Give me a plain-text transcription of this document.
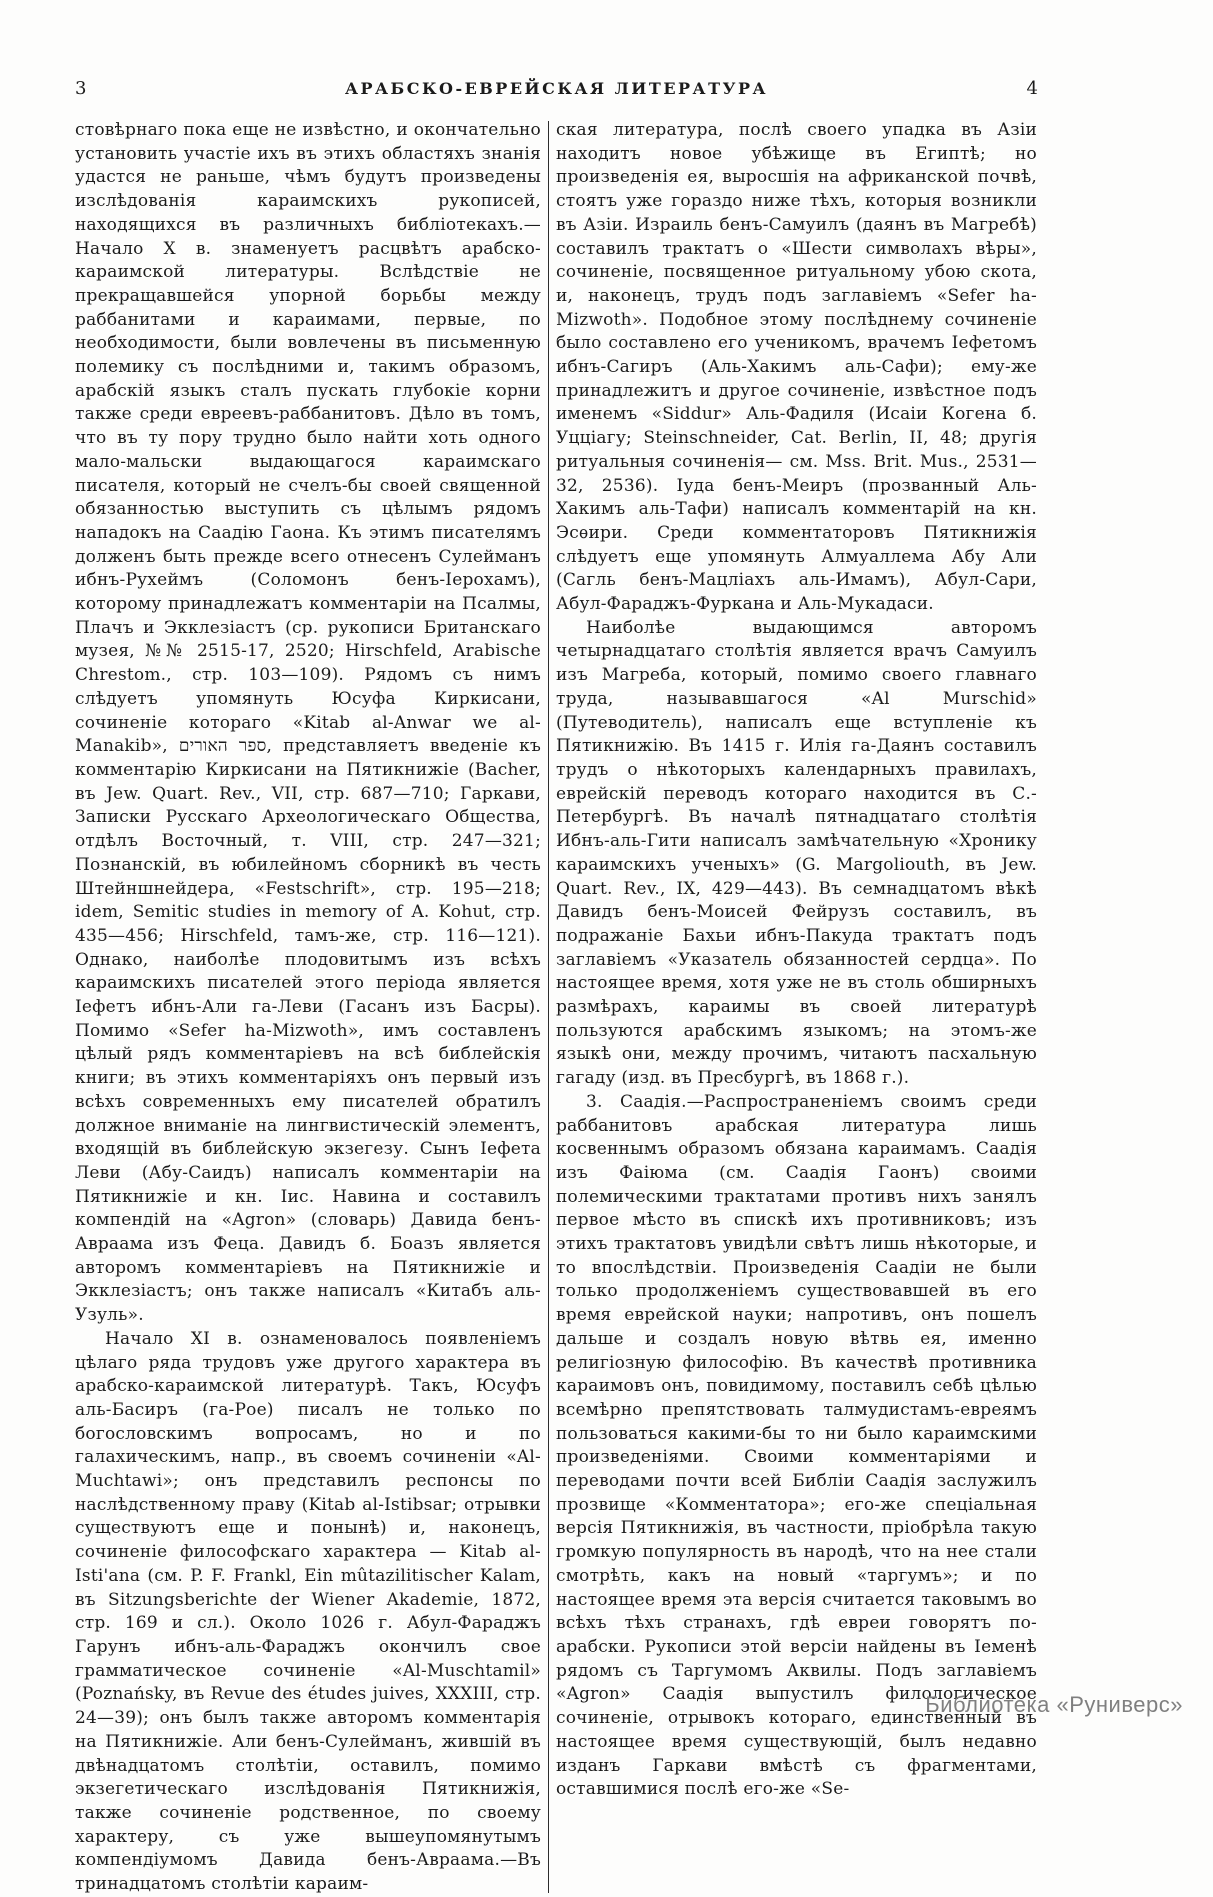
3	АРАБСКО-ЕВРЕЙСКАЯ ЛИТЕРАТУРА	4

стовѣрнаго пока еще не извѣстно, и окончательно установить участіе ихъ въ этихъ областяхъ знанія удастся не раньше, чѣмъ будутъ произведены изслѣдованія караимскихъ рукописей, находящихся въ различныхъ библіотекахъ.—Начало X в. знаменуетъ расцвѣтъ арабско-караимской литературы. Вслѣдствіе не прекращавшейся упорной борьбы между раббанитами и караимами, первые, по необходимости, были вовлечены въ письменную полемику съ послѣдними и, такимъ образомъ, арабскій языкъ сталъ пускать глубокіе корни также среди евреевъ-раббанитовъ. Дѣло въ томъ, что въ ту пору трудно было найти хоть одного мало-мальски выдающагося караимскаго писателя, который не счелъ-бы своей священной обязанностью выступить съ цѣлымъ рядомъ нападокъ на Саадію Гаона. Къ этимъ писателямъ долженъ быть прежде всего отнесенъ Сулейманъ ибнъ-Рухеймъ (Соломонъ бенъ-Іерохамъ), которому принадлежатъ комментаріи на Псалмы, Плачъ и Экклезіастъ (ср. рукописи Британскаго музея, №№ 2515-17, 2520; Hirschfeld, Arabische Chrestom., стр. 103—109). Рядомъ съ нимъ слѣдуетъ упомянуть Юсуфа Киркисани, сочиненіе котораго «Kitab al-Anwar we al-Manakib», ספר האורים, представляетъ введеніе къ комментарію Киркисани на Пятикнижіе (Bacher, въ Jew. Quart. Rev., VII, стр. 687—710; Гаркави, Записки Русскаго Археологическаго Общества, отдѣлъ Восточный, т. VIII, стр. 247—321; Познанскій, въ юбилейномъ сборникѣ въ честь Штейншнейдера, «Festschrift», стр. 195—218; idem, Semitic studies in memory of A. Kohut, стр. 435—456; Hirschfeld, тамъ-же, стр. 116—121). Однако, наиболѣе плодовитымъ изъ всѣхъ караимскихъ писателей этого періода является Іефетъ ибнъ-Али га-Леви (Гасанъ изъ Басры). Помимо «Sefer ha-Mizwoth», имъ составленъ цѣлый рядъ комментаріевъ на всѣ библейскія книги; въ этихъ комментаріяхъ онъ первый изъ всѣхъ современныхъ ему писателей обратилъ должное вниманіе на лингвистическій элементъ, входящій въ библейскую экзегезу. Сынъ Іефета Леви (Абу-Саидъ) написалъ комментаріи на Пятикнижіе и кн. Іис. Навина и составилъ компендій на «Agron» (словарь) Давида бенъ-Авраама изъ Феца. Давидъ б. Боазъ является авторомъ комментаріевъ на Пятикнижіе и Экклезіастъ; онъ также написалъ «Китабъ аль-Узуль».

Начало XI в. ознаменовалось появленіемъ цѣлаго ряда трудовъ уже другого характера въ арабско-караимской литературѣ. Такъ, Юсуфъ аль-Басиръ (га-Рое) писалъ не только по богословскимъ вопросамъ, но и по галахическимъ, напр., въ своемъ сочиненіи «Al-Muchtawi»; онъ представилъ респонсы по наслѣдственному праву (Kitab al-Istibsar; отрывки существуютъ еще и понынѣ) и, наконецъ, сочиненіе философскаго характера — Kitab al-Isti'ana (см. P. F. Frankl, Ein mûtazilitischer Kalam, въ Sitzungsberichte der Wiener Akademie, 1872, стр. 169 и сл.). Около 1026 г. Абул-Фараджъ Гарунъ ибнъ-аль-Фараджъ окончилъ свое грамматическое сочиненіе «Al-Muschtamil» (Poznańsky, въ Revue des études juives, XXXIII, стр. 24—39); онъ былъ также авторомъ комментарія на Пятикнижіе. Али бенъ-Сулейманъ, жившій въ двѣнадцатомъ столѣтіи, оставилъ, помимо экзегетическаго изслѣдованія Пятикнижія, также сочиненіе родственное, по своему характеру, съ уже вышеупомянутымъ компендіумомъ Давида бенъ-Авраама.—Въ тринадцатомъ столѣтіи караим-

ская литература, послѣ своего упадка въ Азіи находитъ новое убѣжище въ Египтѣ; но произведенія ея, выросшія на африканской почвѣ, стоятъ уже гораздо ниже тѣхъ, которыя возникли въ Азіи. Израиль бенъ-Самуилъ (даянъ въ Магребѣ) составилъ трактатъ о «Шести символахъ вѣры», сочиненіе, посвященное ритуальному убою скота, и, наконецъ, трудъ подъ заглавіемъ «Sefer ha-Mizwoth». Подобное этому послѣднему сочиненіе было составлено его ученикомъ, врачемъ Іефетомъ ибнъ-Сагиръ (Аль-Хакимъ аль-Сафи); ему-же принадлежитъ и другое сочиненіе, извѣстное подъ именемъ «Siddur» Аль-Фадиля (Исаіи Когена б. Уцціагу; Steinschneider, Cat. Berlin, II, 48; другія ритуальныя сочиненія— см. Mss. Brit. Mus., 2531—32, 2536). Іуда бенъ-Меиръ (прозванный Аль-Хакимъ аль-Тафи) написалъ комментарій на кн. Эсѳири. Среди комментаторовъ Пятикнижія слѣдуетъ еще упомянуть Алмуаллема Абу Али (Сагль бенъ-Мацліахъ аль-Имамъ), Абул-Сари, Абул-Фараджъ-Фуркана и Аль-Мукадаси.

Наиболѣе выдающимся авторомъ четырнадцатаго столѣтія является врачъ Самуилъ изъ Магреба, который, помимо своего главнаго труда, называвшагося «Al Murschid» (Путеводитель), написалъ еще вступленіе къ Пятикнижію. Въ 1415 г. Илія га-Даянъ составилъ трудъ о нѣкоторыхъ календарныхъ правилахъ, еврейскій переводъ котораго находится въ С.-Петербургѣ. Въ началѣ пятнадцатаго столѣтія Ибнъ-аль-Гити написалъ замѣчательную «Хронику караимскихъ ученыхъ» (G. Margoliouth, въ Jew. Quart. Rev., IX, 429—443). Въ семнадцатомъ вѣкѣ Давидъ бенъ-Моисей Фейрузъ составилъ, въ подражаніе Бахьи ибнъ-Пакуда трактатъ подъ заглавіемъ «Указатель обязанностей сердца». По настоящее время, хотя уже не въ столь обширныхъ размѣрахъ, караимы въ своей литературѣ пользуются арабскимъ языкомъ; на этомъ-же языкѣ они, между прочимъ, читаютъ пасхальную гагаду (изд. въ Пресбургѣ, въ 1868 г.).

3. Саадія.—Распространеніемъ своимъ среди раббанитовъ арабская литература лишь косвеннымъ образомъ обязана караимамъ. Саадія изъ Фаіюма (см. Саадія Гаонъ) своими полемическими трактатами противъ нихъ занялъ первое мѣсто въ спискѣ ихъ противниковъ; изъ этихъ трактатовъ увидѣли свѣтъ лишь нѣкоторые, и то впослѣдствіи. Произведенія Саадіи не были только продолженіемъ существовавшей въ его время еврейской науки; напротивъ, онъ пошелъ дальше и создалъ новую вѣтвь ея, именно религіозную философію. Въ качествѣ противника караимовъ онъ, повидимому, поставилъ себѣ цѣлью всемѣрно препятствовать талмудистамъ-евреямъ пользоваться какими-бы то ни было караимскими произведеніями. Своими комментаріями и переводами почти всей Библіи Саадія заслужилъ прозвище «Комментатора»; его-же спеціальная версія Пятикнижія, въ частности, пріобрѣла такую громкую популярность въ народѣ, что на нее стали смотрѣть, какъ на новый «таргумъ»; и по настоящее время эта версія считается таковымъ во всѣхъ тѣхъ странахъ, гдѣ евреи говорятъ по-арабски. Рукописи этой версіи найдены въ Іеменѣ рядомъ съ Таргумомъ Аквилы. Подъ заглавіемъ «Agron» Саадія выпустилъ филологическое сочиненіе, отрывокъ котораго, единственный въ настоящее время существующій, былъ недавно изданъ Гаркави вмѣстѣ съ фрагментами, оставшимися послѣ его-же «Se-

Библиотека «Руниверс»
